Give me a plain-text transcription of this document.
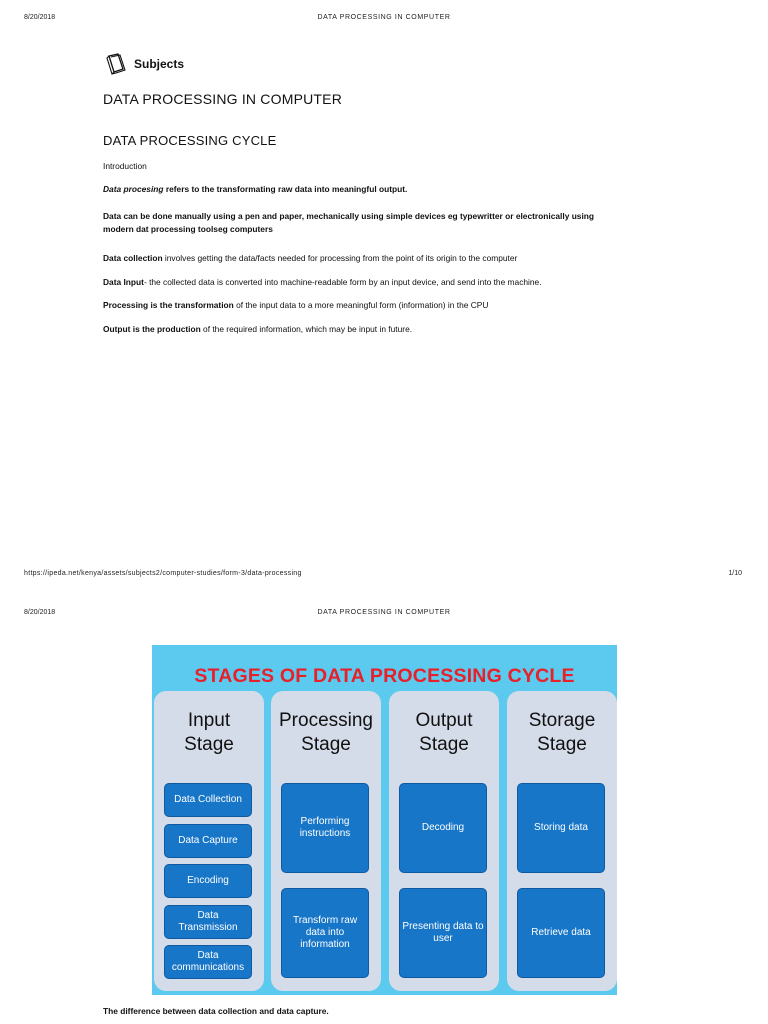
8/20/2018	DATA PROCESSING IN COMPUTER
Subjects
DATA PROCESSING IN COMPUTER
DATA PROCESSING CYCLE

Introduction

Data procesing refers to the transformating raw data into meaningful output.

Data can be done manually using a pen and paper, mechanically using simple devices eg typewritter or electronically using
modern dat processing toolseg computers

Data collection involves getting the data/facts needed for processing from the point of its origin to the computer

Data Input- the collected data is converted into machine-readable form by an input device, and send into the machine.

Processing is the transformation of the input data to a more meaningful form (information) in the CPU

Output is the production of the required information, which may be input in future.

https://ipeda.net/kenya/assets/subjects2/computer-studies/form-3/data-processing	1/10
8/20/2018	DATA PROCESSING IN COMPUTER
STAGES OF DATA PROCESSING CYCLE
Input
Stage
Data Collection
Data Capture
Encoding
Data Transmission
Data communications
Processing
Stage
Performing instructions
Transform raw data into information
Output
Stage
Decoding
Presenting data to user
Storage
Stage
Storing data
Retrieve data

The difference between data collection and data capture.
